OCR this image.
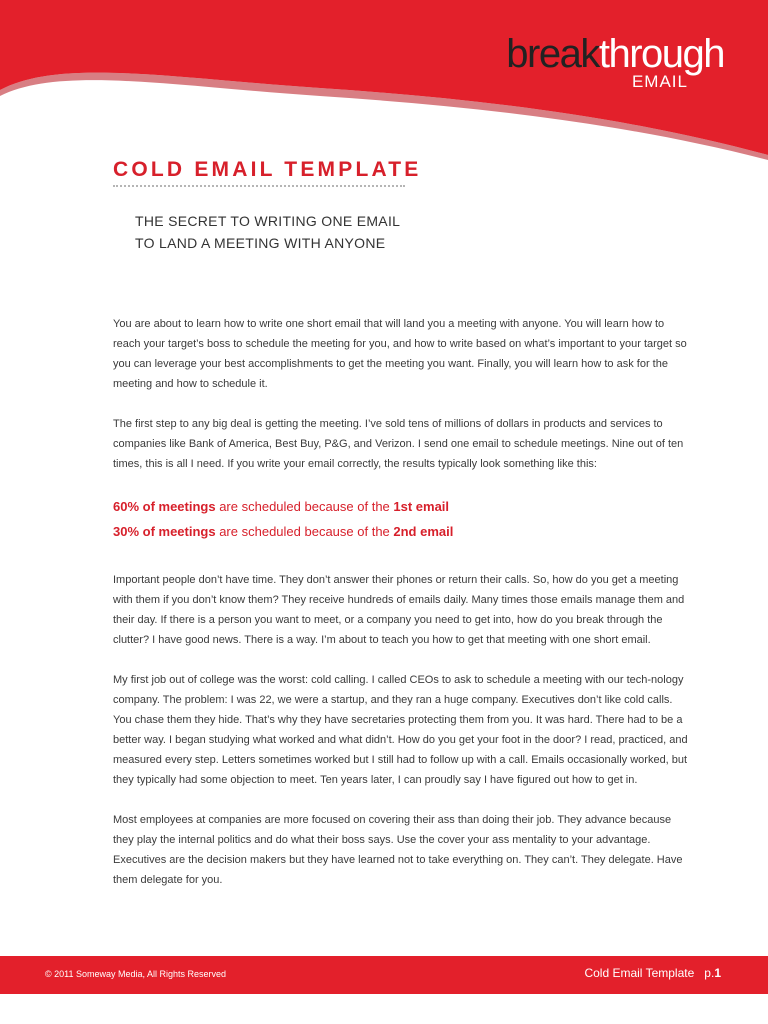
breakthrough
EMAIL
COLD EMAIL TEMPLATE
THE SECRET TO WRITING ONE EMAIL
TO LAND A MEETING WITH ANYONE

You are about to learn how to write one short email that will land you a meeting with anyone. You will learn how to reach your target’s boss to schedule the meeting for you, and how to write based on what’s important to your target so you can leverage your best accomplishments to get the meeting you want. Finally, you will learn how to ask for the meeting and how to schedule it.

The first step to any big deal is getting the meeting. I’ve sold tens of millions of dollars in products and services to companies like Bank of America, Best Buy, P&G, and Verizon. I send one email to schedule meetings. Nine out of ten times, this is all I need. If you write your email correctly, the results typically look something like this:

60% of meetings are scheduled because of the 1st email
30% of meetings are scheduled because of the 2nd email

Important people don’t have time. They don’t answer their phones or return their calls. So, how do you get a meeting with them if you don’t know them? They receive hundreds of emails daily. Many times those emails manage them and their day. If there is a person you want to meet, or a company you need to get into, how do you break through the clutter? I have good news. There is a way. I’m about to teach you how to get that meeting with one short email.

My first job out of college was the worst: cold calling. I called CEOs to ask to schedule a meeting with our tech-nology company. The problem: I was 22, we were a startup, and they ran a huge company. Executives don’t like cold calls. You chase them they hide. That’s why they have secretaries protecting them from you. It was hard. There had to be a better way. I began studying what worked and what didn’t. How do you get your foot in the door? I read, practiced, and measured every step. Letters sometimes worked but I still had to follow up with a call. Emails occasionally worked, but they typically had some objection to meet. Ten years later, I can proudly say I have figured out how to get in.

Most employees at companies are more focused on covering their ass than doing their job. They advance because they play the internal politics and do what their boss says. Use the cover your ass mentality to your advantage. Executives are the decision makers but they have learned not to take everything on. They can’t. They delegate. Have them delegate for you.

© 2011 Someway Media, All Rights Reserved	Cold Email Template p.1
